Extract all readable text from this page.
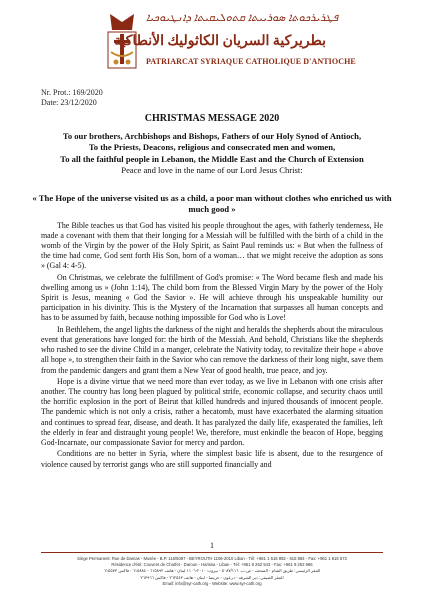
ܦܛܪܝܪܟܘܬܐ ܣܘܪܝܝܬܐ ܩܬܘܠܝܩܝܬܐ ܕܐܢܛܝܘܟܝܐ
بطريركية السريان الكاثوليك الأنطاكية
PATRIARCAT SYRIAQUE CATHOLIQUE D'ANTIOCHE
Nr. Prot.: 169/2020
Date: 23/12/2020
CHRISTMAS MESSAGE 2020
To our brothers, Archbishops and Bishops, Fathers of our Holy Synod of Antioch,
To the Priests, Deacons, religious and consecrated men and women,
To all the faithful people in Lebanon, the Middle East and the Church of Extension
Peace and love in the name of our Lord Jesus Christ:
« The Hope of the universe visited us as a child, a poor man without clothes who enriched us with much good »

The Bible teaches us that God has visited his people throughout the ages, with fatherly tenderness, He made a covenant with them that their longing for a Messiah will be fulfilled with the birth of a child in the womb of the Virgin by the power of the Holy Spirit, as Saint Paul reminds us: « But when the fullness of the time had come, God sent forth His Son, born of a woman… that we might receive the adoption as sons » (Gal 4: 4-5).

On Christmas, we celebrate the fulfillment of God's promise: « The Word became flesh and made his dwelling among us » (John 1:14), The child born from the Blessed Virgin Mary by the power of the Holy Spirit is Jesus, meaning « God the Savior ». He will achieve through his unspeakable humility our participation in his divinity. This is the Mystery of the Incarnation that surpasses all human concepts and has to be assumed by faith, because nothing impossible for God who is Love!

In Bethlehem, the angel lights the darkness of the night and heralds the shepherds about the miraculous event that generations have longed for: the birth of the Messiah. And behold, Christians like the shepherds who rushed to see the divine Child in a manger, celebrate the Nativity today, to revitalize their hope « above all hope », to strengthen their faith in the Savior who can remove the darkness of their long night, save them from the pandemic dangers and grant them a New Year of good health, true peace, and joy.

Hope is a divine virtue that we need more than ever today, as we live in Lebanon with one crisis after another. The country has long been plagued by political strife, economic collapse, and security chaos until the horrific explosion in the port of Beirut that killed hundreds and injured thousands of innocent people. The pandemic which is not only a crisis, rather a hecatomb, must have exacerbated the alarming situation and continues to spread fear, disease, and death. It has paralyzed the daily life, exasperated the families, left the elderly in fear and distraught young people! We, therefore, must enkindle the beacon of Hope, begging God-Incarnate, our compassionate Savior for mercy and pardon.

Conditions are no better in Syria, where the simplest basic life is absent, due to the resurgence of violence caused by terrorist gangs who are still supported financially and

1
Siège Permanent: Rue de Damas - Musée - B.P. 116/5087 - BEYROUTH 1106-2010 Liban - Tél: +961 1 615 892 - 615 884 - Fax: +961 1 615 573
Résidence d'été: Couvent de Charfet - Daroun - Harissa - Liban - Tél: +961 9 262 543 - Fax: +961 9 263 966
المقر الرئيسي: طريق الشام - المتحف - ص.ب. ٥٠٨٧/١١٦ - بيروت ٢٠١٠-١١٠٦ لبنان - هاتف ٦١٥٨٩٢ - ٦١٥٨٨٤ - فاكس ٦١٥٥٧٣
المقر الصيفي: دير الشرفة - درعون - حريصا - لبنان - هاتف ٢٦٢٥٤٣ - فاكس ٢٦٣٩٦٦
Email: info@syr-cath.org - Website: www.syr-cath.org
